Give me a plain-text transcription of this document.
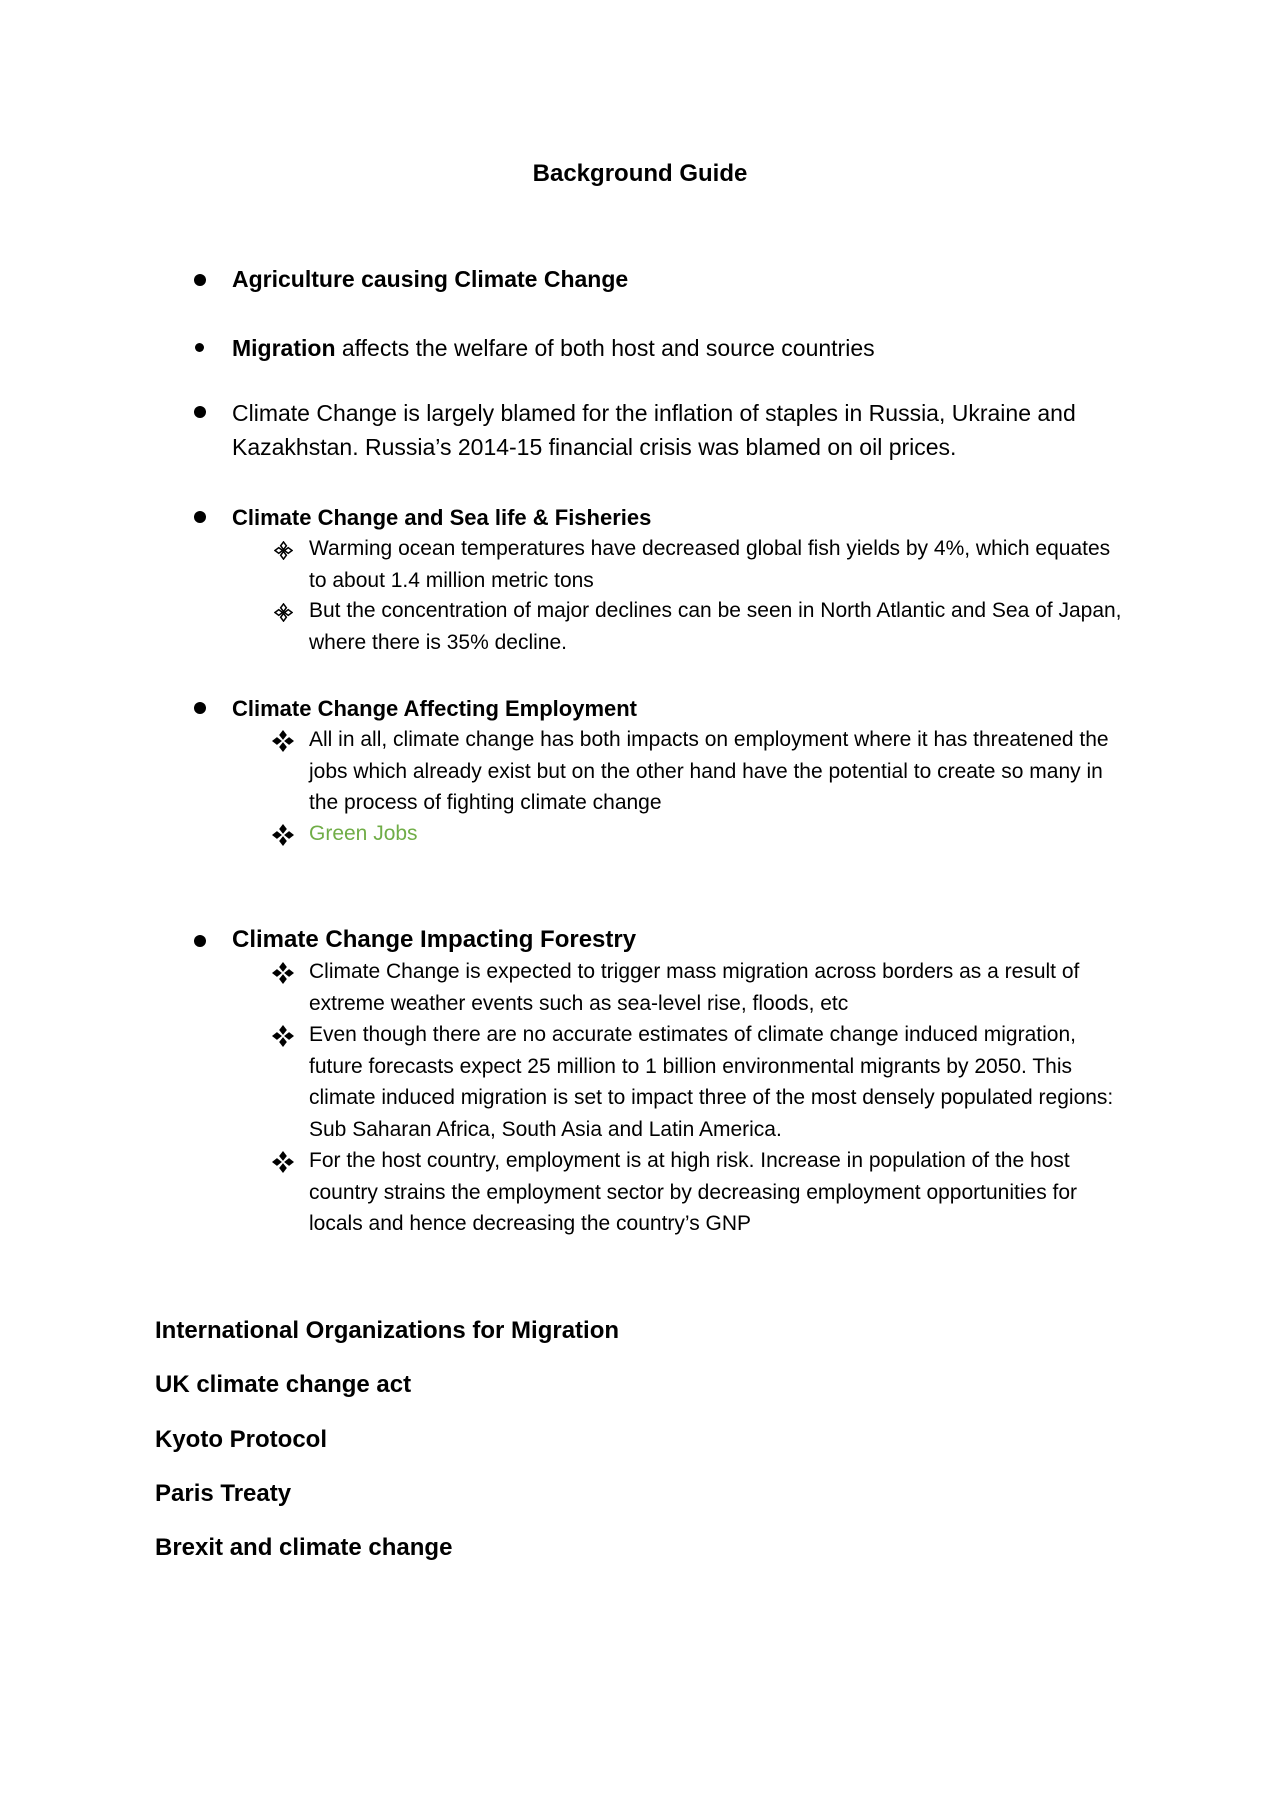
Background Guide
Agriculture causing Climate Change
Migration affects the welfare of both host and source countries
Climate Change is largely blamed for the inflation of staples in Russia, Ukraine and Kazakhstan. Russia’s 2014-15 financial crisis was blamed on oil prices.
Climate Change and Sea life & Fisheries
Warming ocean temperatures have decreased global fish yields by 4%, which equates to about 1.4 million metric tons
But the concentration of major declines can be seen in North Atlantic and Sea of Japan, where there is 35% decline.
Climate Change Affecting Employment
All in all, climate change has both impacts on employment where it has threatened the jobs which already exist but on the other hand have the potential to create so many in the process of fighting climate change
Green Jobs
Climate Change Impacting Forestry
Climate Change is expected to trigger mass migration across borders as a result of extreme weather events such as sea-level rise, floods, etc
Even though there are no accurate estimates of climate change induced migration, future forecasts expect 25 million to 1 billion environmental migrants by 2050. This climate induced migration is set to impact three of the most densely populated regions: Sub Saharan Africa, South Asia and Latin America.
For the host country, employment is at high risk. Increase in population of the host country strains the employment sector by decreasing employment opportunities for locals and hence decreasing the country’s GNP
International Organizations for Migration
UK climate change act
Kyoto Protocol
Paris Treaty
Brexit and climate change
